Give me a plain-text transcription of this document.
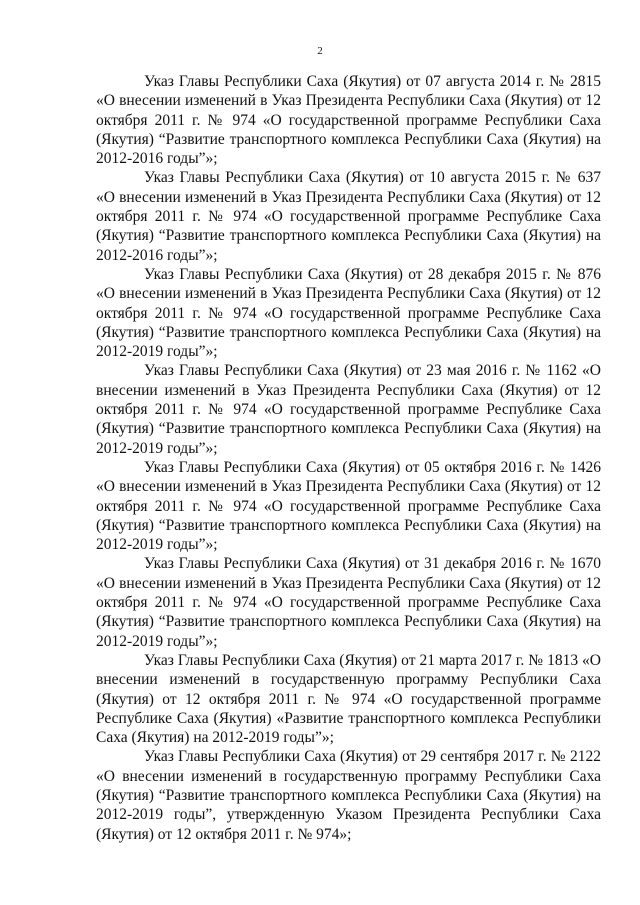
2

Указ Главы Республики Саха (Якутия) от 07 августа 2014 г. № 2815 «О внесении изменений в Указ Президента Республики Саха (Якутия) от 12 октября 2011 г. № 974 «О государственной программе Республики Саха (Якутия) “Развитие транспортного комплекса Республики Саха (Якутия) на 2012-2016 годы”»;

Указ Главы Республики Саха (Якутия) от 10 августа 2015 г. № 637 «О внесении изменений в Указ Президента Республики Саха (Якутия) от 12 октября 2011 г. № 974 «О государственной программе Республике Саха (Якутия) “Развитие транспортного комплекса Республики Саха (Якутия) на 2012-2016 годы”»;

Указ Главы Республики Саха (Якутия) от 28 декабря 2015 г. № 876 «О внесении изменений в Указ Президента Республики Саха (Якутия) от 12 октября 2011 г. № 974 «О государственной программе Республике Саха (Якутия) “Развитие транспортного комплекса Республики Саха (Якутия) на 2012-2019 годы”»;

Указ Главы Республики Саха (Якутия) от 23 мая 2016 г. № 1162 «О внесении изменений в Указ Президента Республики Саха (Якутия) от 12 октября 2011 г. № 974 «О государственной программе Республике Саха (Якутия) “Развитие транспортного комплекса Республики Саха (Якутия) на 2012-2019 годы”»;

Указ Главы Республики Саха (Якутия) от 05 октября 2016 г. № 1426 «О внесении изменений в Указ Президента Республики Саха (Якутия) от 12 октября 2011 г. № 974 «О государственной программе Республике Саха (Якутия) “Развитие транспортного комплекса Республики Саха (Якутия) на 2012-2019 годы”»;

Указ Главы Республики Саха (Якутия) от 31 декабря 2016 г. № 1670 «О внесении изменений в Указ Президента Республики Саха (Якутия) от 12 октября 2011 г. № 974 «О государственной программе Республике Саха (Якутия) “Развитие транспортного комплекса Республики Саха (Якутия) на 2012-2019 годы”»;

Указ Главы Республики Саха (Якутия) от 21 марта 2017 г. № 1813 «О внесении изменений в государственную программу Республики Саха (Якутия) от 12 октября 2011 г. № 974 «О государственной программе Республике Саха (Якутия) «Развитие транспортного комплекса Республики Саха (Якутия) на 2012-2019 годы”»;

Указ Главы Республики Саха (Якутия) от 29 сентября 2017 г. № 2122 «О внесении изменений в государственную программу Республики Саха (Якутия) “Развитие транспортного комплекса Республики Саха (Якутия) на 2012-2019 годы”, утвержденную Указом Президента Республики Саха (Якутия) от 12 октября 2011 г. № 974»;
